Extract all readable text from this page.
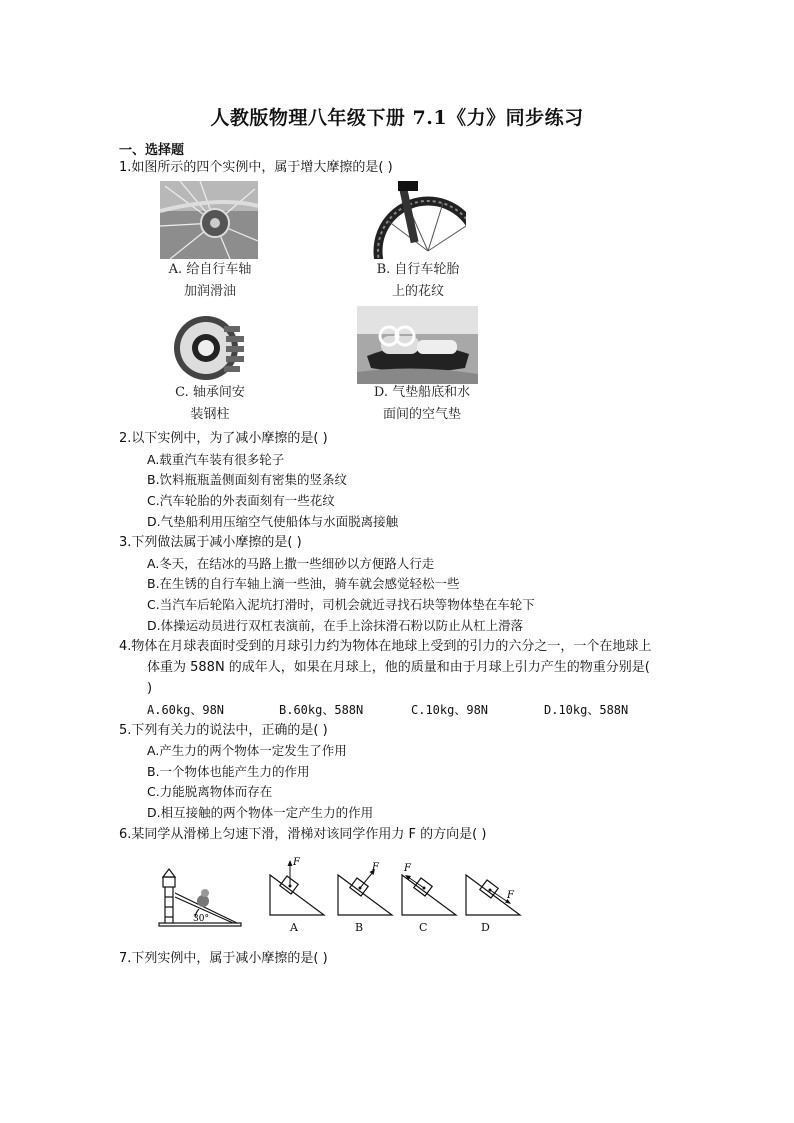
人教版物理八年级下册 7.1《力》同步练习
一、选择题
1.如图所示的四个实例中，属于增大摩擦的是( )
A. 给自行车轴
加润滑油
B. 自行车轮胎
上的花纹
C. 轴承间安
装钢柱
D. 气垫船底和水
面间的空气垫
2.以下实例中，为了减小摩擦的是( )
A.载重汽车装有很多轮子
B.饮料瓶瓶盖侧面刻有密集的竖条纹
C.汽车轮胎的外表面刻有一些花纹
D.气垫船利用压缩空气使船体与水面脱离接触
3.下列做法属于减小摩擦的是( )
A.冬天，在结冰的马路上撒一些细砂以方便路人行走
B.在生锈的自行车轴上滴一些油，骑车就会感觉轻松一些
C.当汽车后轮陷入泥坑打滑时，司机会就近寻找石块等物体垫在车轮下
D.体操运动员进行双杠表演前，在手上涂抹滑石粉以防止从杠上滑落
4.物体在月球表面时受到的月球引力约为物体在地球上受到的引力的六分之一，一个在地球上
体重为 588N 的成年人，如果在月球上，他的质量和由于月球上引力产生的物重分别是(
)
A.60kg、98N	B.60kg、588N	C.10kg、98N	D.10kg、588N
5.下列有关力的说法中，正确的是( )
A.产生力的两个物体一定发生了作用
B.一个物体也能产生力的作用
C.力能脱离物体而存在
D.相互接触的两个物体一定产生力的作用
6.某同学从滑梯上匀速下滑，滑梯对该同学作用力 F 的方向是( )
30°
F	F	F
F
A	B	C	D
7.下列实例中，属于减小摩擦的是( )
